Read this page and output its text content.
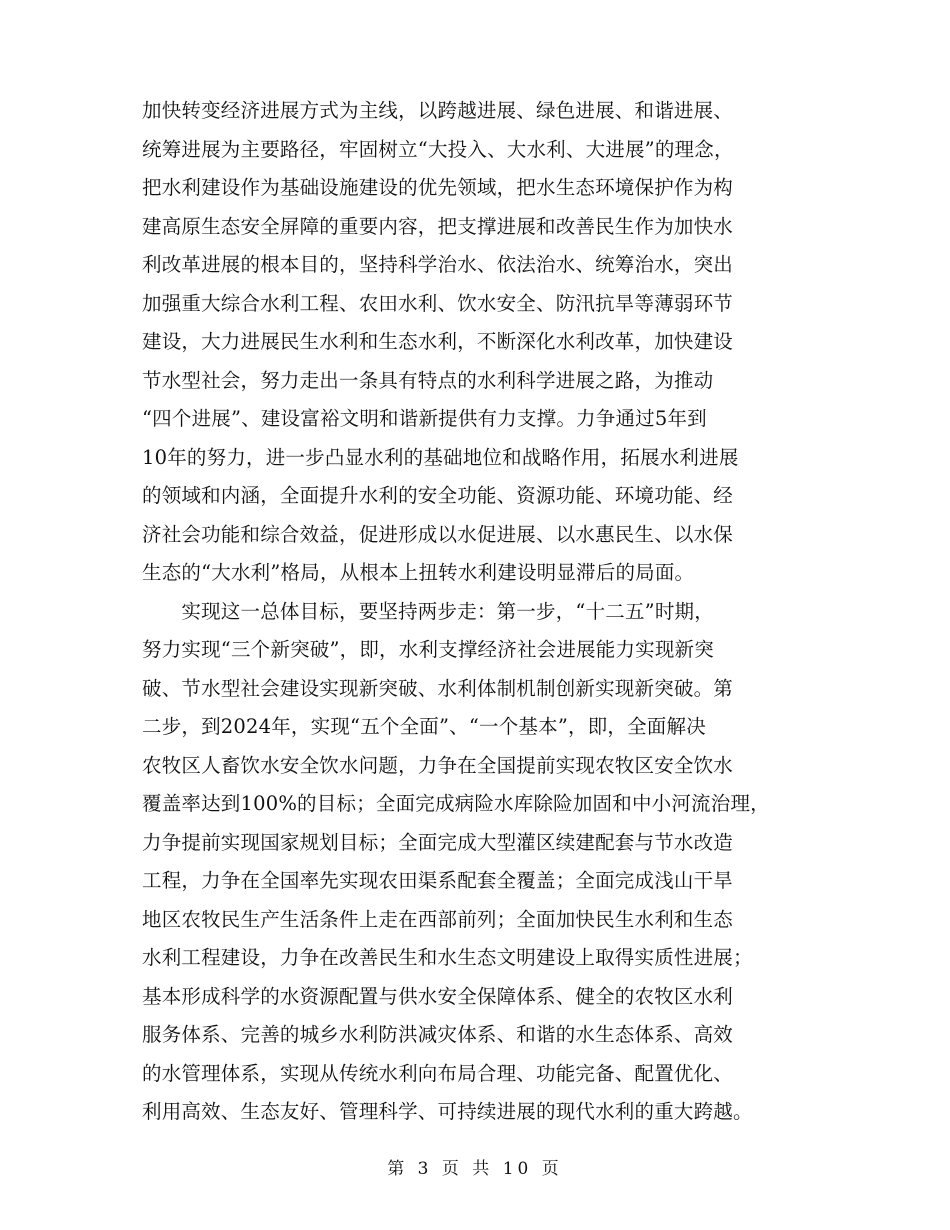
加快转变经济进展方式为主线，以跨越进展、绿色进展、和谐进展、
统筹进展为主要路径，牢固树立“大投入、大水利、大进展”的理念，
把水利建设作为基础设施建设的优先领域，把水生态环境保护作为构
建高原生态安全屏障的重要内容，把支撑进展和改善民生作为加快水
利改革进展的根本目的，坚持科学治水、依法治水、统筹治水，突出
加强重大综合水利工程、农田水利、饮水安全、防汛抗旱等薄弱环节
建设，大力进展民生水利和生态水利，不断深化水利改革，加快建设
节水型社会，努力走出一条具有特点的水利科学进展之路，为推动
“四个进展”、建设富裕文明和谐新提供有力支撑。力争通过5年到
10年的努力，进一步凸显水利的基础地位和战略作用，拓展水利进展
的领域和内涵，全面提升水利的安全功能、资源功能、环境功能、经
济社会功能和综合效益，促进形成以水促进展、以水惠民生、以水保
生态的“大水利”格局，从根本上扭转水利建设明显滞后的局面。
　　实现这一总体目标，要坚持两步走：第一步，“十二五”时期，
努力实现“三个新突破”，即，水利支撑经济社会进展能力实现新突
破、节水型社会建设实现新突破、水利体制机制创新实现新突破。第
二步，到2024年，实现“五个全面”、“一个基本”，即，全面解决
农牧区人畜饮水安全饮水问题，力争在全国提前实现农牧区安全饮水
覆盖率达到100%的目标；全面完成病险水库除险加固和中小河流治理，
力争提前实现国家规划目标；全面完成大型灌区续建配套与节水改造
工程，力争在全国率先实现农田渠系配套全覆盖；全面完成浅山干旱
地区农牧民生产生活条件上走在西部前列；全面加快民生水利和生态
水利工程建设，力争在改善民生和水生态文明建设上取得实质性进展；
基本形成科学的水资源配置与供水安全保障体系、健全的农牧区水利
服务体系、完善的城乡水利防洪减灾体系、和谐的水生态体系、高效
的水管理体系，实现从传统水利向布局合理、功能完备、配置优化、
利用高效、生态友好、管理科学、可持续进展的现代水利的重大跨越。
第 3 页 共 10 页
